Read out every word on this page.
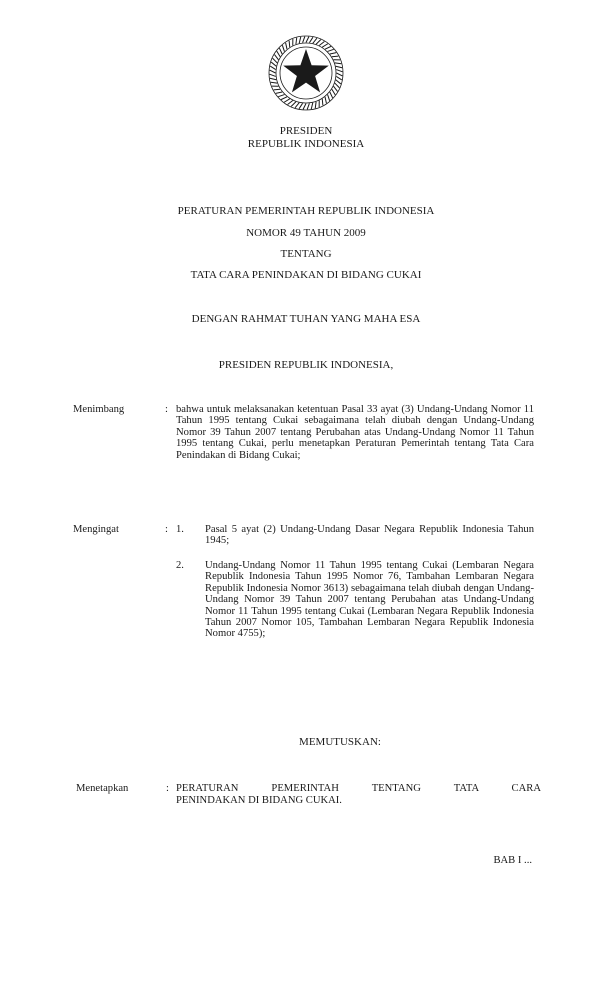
PRESIDEN
REPUBLIK INDONESIA
PERATURAN PEMERINTAH REPUBLIK INDONESIA
NOMOR 49 TAHUN 2009
TENTANG
TATA CARA PENINDAKAN DI BIDANG CUKAI
DENGAN RAHMAT TUHAN YANG MAHA ESA
PRESIDEN REPUBLIK INDONESIA,
Menimbang	: bahwa untuk melaksanakan ketentuan Pasal 33 ayat (3) Undang-Undang Nomor 11 Tahun 1995 tentang Cukai sebagaimana telah diubah dengan Undang-Undang Nomor 39 Tahun 2007 tentang Perubahan atas Undang-Undang Nomor 11 Tahun 1995 tentang Cukai, perlu menetapkan Peraturan Pemerintah tentang Tata Cara Penindakan di Bidang Cukai;
Mengingat	: 1. Pasal 5 ayat (2) Undang-Undang Dasar Negara Republik Indonesia Tahun 1945;
2. Undang-Undang Nomor 11 Tahun 1995 tentang Cukai (Lembaran Negara Republik Indonesia Tahun 1995 Nomor 76, Tambahan Lembaran Negara Republik Indonesia Nomor 3613) sebagaimana telah diubah dengan Undang-Undang Nomor 39 Tahun 2007 tentang Perubahan atas Undang-Undang Nomor 11 Tahun 1995 tentang Cukai (Lembaran Negara Republik Indonesia Tahun 2007 Nomor 105, Tambahan Lembaran Negara Republik Indonesia Nomor 4755);
MEMUTUSKAN:
Menetapkan	: PERATURAN PEMERINTAH TENTANG TATA CARA
PENINDAKAN DI BIDANG CUKAI.
BAB I ...
